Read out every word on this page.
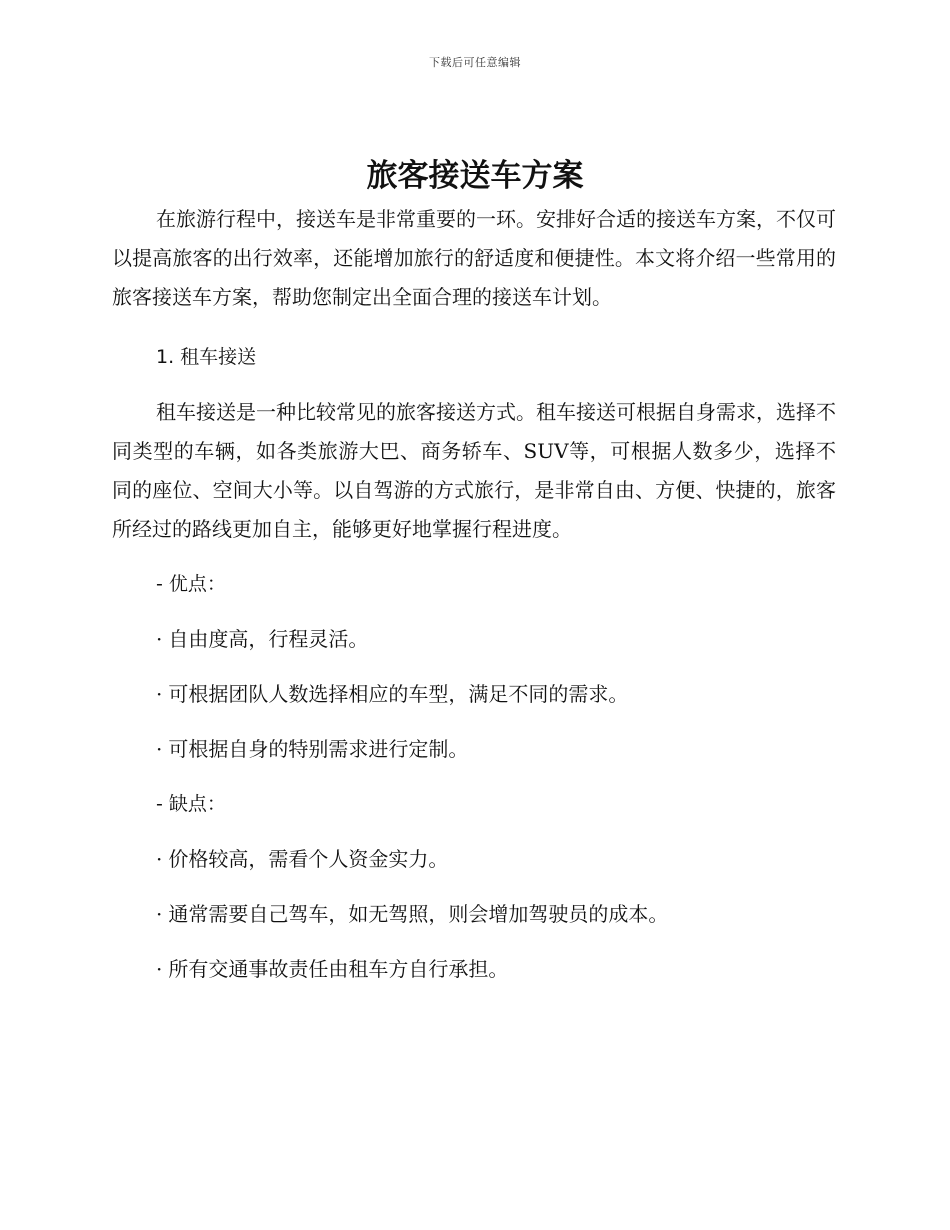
下载后可任意编辑
旅客接送车方案

在旅游行程中，接送车是非常重要的一环。安排好合适的接送车方案，不仅可以提高旅客的出行效率，还能增加旅行的舒适度和便捷性。本文将介绍一些常用的旅客接送车方案，帮助您制定出全面合理的接送车计划。

1. 租车接送

租车接送是一种比较常见的旅客接送方式。租车接送可根据自身需求，选择不同类型的车辆，如各类旅游大巴、商务轿车、SUV等，可根据人数多少，选择不同的座位、空间大小等。以自驾游的方式旅行，是非常自由、方便、快捷的，旅客所经过的路线更加自主，能够更好地掌握行程进度。

- 优点：
· 自由度高，行程灵活。
· 可根据团队人数选择相应的车型，满足不同的需求。
· 可根据自身的特别需求进行定制。
- 缺点：
· 价格较高，需看个人资金实力。
· 通常需要自己驾车，如无驾照，则会增加驾驶员的成本。
· 所有交通事故责任由租车方自行承担。
